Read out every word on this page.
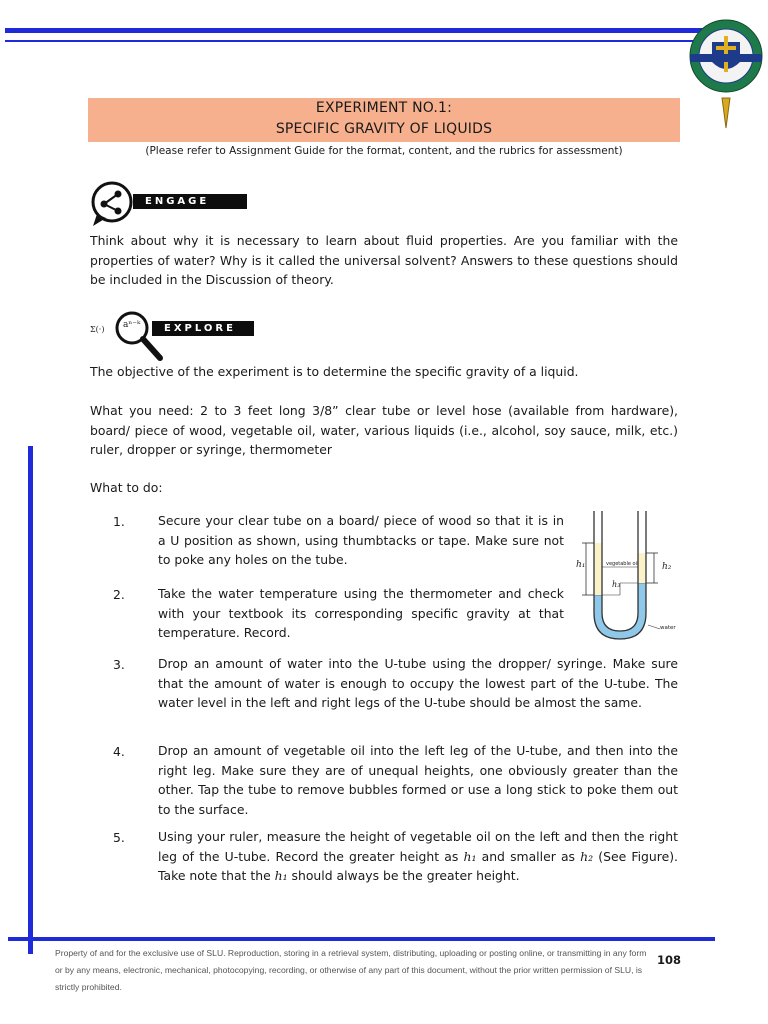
EXPERIMENT NO.1:
SPECIFIC GRAVITY OF LIQUIDS
(Please refer to Assignment Guide for the format, content, and the rubrics for assessment)
ENGAGE
Think about why it is necessary to learn about fluid properties. Are you familiar with the properties of water? Why is it called the universal solvent? Answers to these questions should be included in the Discussion of theory.
Σ(·) aⁿ⁻ᵏ	EXPLORE
The objective of the experiment is to determine the specific gravity of a liquid.
What you need: 2 to 3 feet long 3/8” clear tube or level hose (available from hardware), board/ piece of wood, vegetable oil, water, various liquids (i.e., alcohol, soy sauce, milk, etc.) ruler, dropper or syringe, thermometer
What to do:
1.	Secure your clear tube on a board/ piece of wood so that it is in a U position as shown, using thumbtacks or tape. Make sure not to poke any holes on the tube.
2.	Take the water temperature using the thermometer and check with your textbook its corresponding specific gravity at that temperature. Record.
3.	Drop an amount of water into the U-tube using the dropper/ syringe. Make sure that the amount of water is enough to occupy the lowest part of the U-tube. The water level in the left and right legs of the U-tube should be almost the same.
4.	Drop an amount of vegetable oil into the left leg of the U-tube, and then into the right leg. Make sure they are of unequal heights, one obviously greater than the other. Tap the tube to remove bubbles formed or use a long stick to poke them out to the surface.
5.	Using your ruler, measure the height of vegetable oil on the left and then the right leg of the U-tube. Record the greater height as h₁ and smaller as h₂ (See Figure). Take note that the h₁ should always be the greater height.
h₁	h₂
h₃
vegetable oil
water
Property of and for the exclusive use of SLU. Reproduction, storing in a retrieval system, distributing, uploading or posting online, or transmitting in any form or by any means, electronic, mechanical, photocopying, recording, or otherwise of any part of this document, without the prior written permission of SLU, is strictly prohibited.
108
